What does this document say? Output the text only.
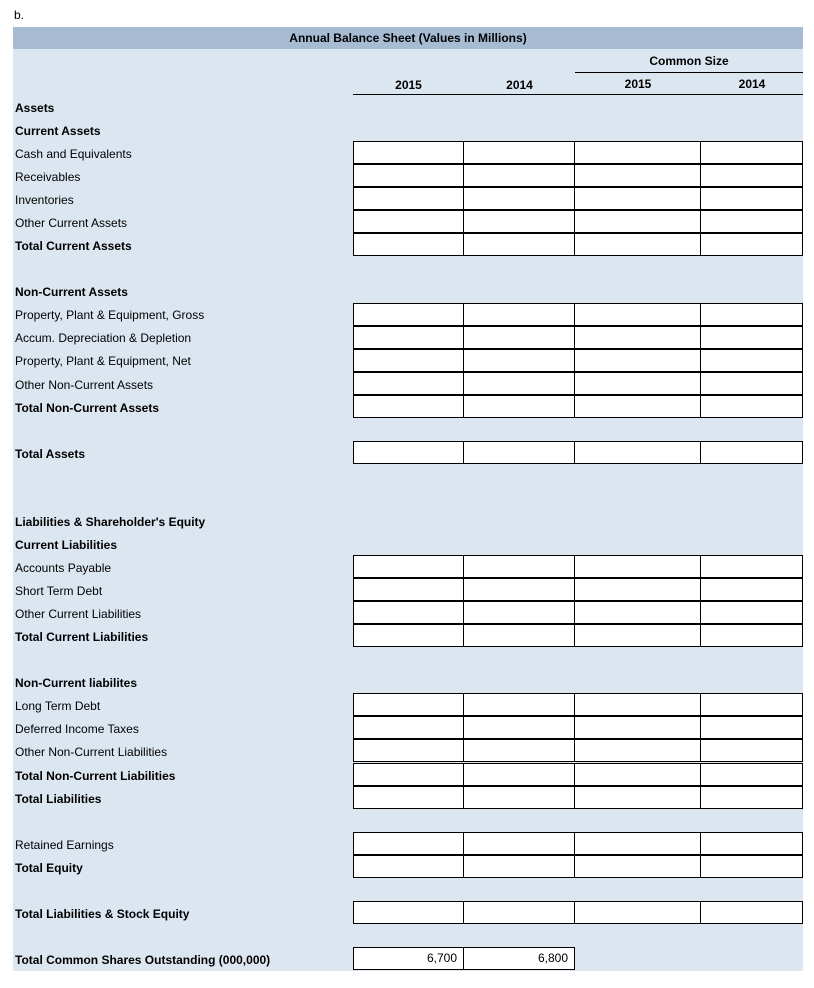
b.
Annual Balance Sheet (Values in Millions)
Common Size
2015	2014	2015	2014
Assets
Current Assets
Cash and Equivalents
Receivables
Inventories
Other Current Assets
Total Current Assets
Non-Current Assets
Property, Plant & Equipment, Gross
Accum. Depreciation & Depletion
Property, Plant & Equipment, Net
Other Non-Current Assets
Total Non-Current Assets
Total Assets
Liabilities & Shareholder's Equity
Current Liabilities
Accounts Payable
Short Term Debt
Other Current Liabilities
Total Current Liabilities
Non-Current liabilites
Long Term Debt
Deferred Income Taxes
Other Non-Current Liabilities
Total Non-Current Liabilities
Total Liabilities
Retained Earnings
Total Equity
Total Liabilities & Stock Equity
Total Common Shares Outstanding (000,000)	6,700	6,800
